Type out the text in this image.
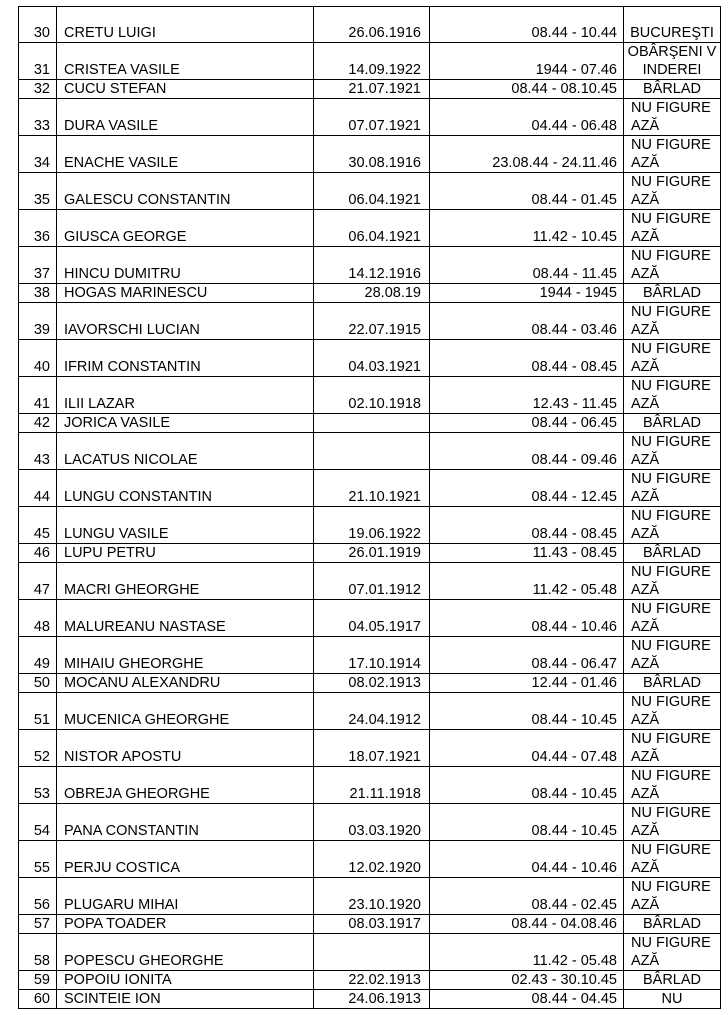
30	CRETU LUIGI	26.06.1916	08.44 - 10.44	BUCUREŞTI
31	CRISTEA VASILE	14.09.1922	1944 - 07.46	OBÂRŞENI VINDEREI
32	CUCU STEFAN	21.07.1921	08.44 - 08.10.45	BÂRLAD
33	DURA VASILE	07.07.1921	04.44 - 06.48	NU FIGUREAZĂ
34	ENACHE VASILE	30.08.1916	23.08.44 - 24.11.46	NU FIGUREAZĂ
35	GALESCU CONSTANTIN	06.04.1921	08.44 - 01.45	NU FIGUREAZĂ
36	GIUSCA GEORGE	06.04.1921	11.42 - 10.45	NU FIGUREAZĂ
37	HINCU DUMITRU	14.12.1916	08.44 - 11.45	NU FIGUREAZĂ
38	HOGAS MARINESCU	28.08.19	1944 - 1945	BÂRLAD
39	IAVORSCHI LUCIAN	22.07.1915	08.44 - 03.46	NU FIGUREAZĂ
40	IFRIM CONSTANTIN	04.03.1921	08.44 - 08.45	NU FIGUREAZĂ
41	ILII LAZAR	02.10.1918	12.43 - 11.45	NU FIGUREAZĂ
42	JORICA VASILE		08.44 - 06.45	BÂRLAD
43	LACATUS NICOLAE		08.44 - 09.46	NU FIGUREAZĂ
44	LUNGU CONSTANTIN	21.10.1921	08.44 - 12.45	NU FIGUREAZĂ
45	LUNGU VASILE	19.06.1922	08.44 - 08.45	NU FIGUREAZĂ
46	LUPU PETRU	26.01.1919	11.43 - 08.45	BÂRLAD
47	MACRI GHEORGHE	07.01.1912	11.42 - 05.48	NU FIGUREAZĂ
48	MALUREANU NASTASE	04.05.1917	08.44 - 10.46	NU FIGUREAZĂ
49	MIHAIU GHEORGHE	17.10.1914	08.44 - 06.47	NU FIGUREAZĂ
50	MOCANU ALEXANDRU	08.02.1913	12.44 - 01.46	BÂRLAD
51	MUCENICA GHEORGHE	24.04.1912	08.44 - 10.45	NU FIGUREAZĂ
52	NISTOR APOSTU	18.07.1921	04.44 - 07.48	NU FIGUREAZĂ
53	OBREJA GHEORGHE	21.11.1918	08.44 - 10.45	NU FIGUREAZĂ
54	PANA CONSTANTIN	03.03.1920	08.44 - 10.45	NU FIGUREAZĂ
55	PERJU COSTICA	12.02.1920	04.44 - 10.46	NU FIGUREAZĂ
56	PLUGARU MIHAI	23.10.1920	08.44 - 02.45	NU FIGUREAZĂ
57	POPA TOADER	08.03.1917	08.44 - 04.08.46	BÂRLAD
58	POPESCU GHEORGHE		11.42 - 05.48	NU FIGUREAZĂ
59	POPOIU IONITA	22.02.1913	02.43 - 30.10.45	BÂRLAD
60	SCINTEIE ION	24.06.1913	08.44 - 04.45	NU
